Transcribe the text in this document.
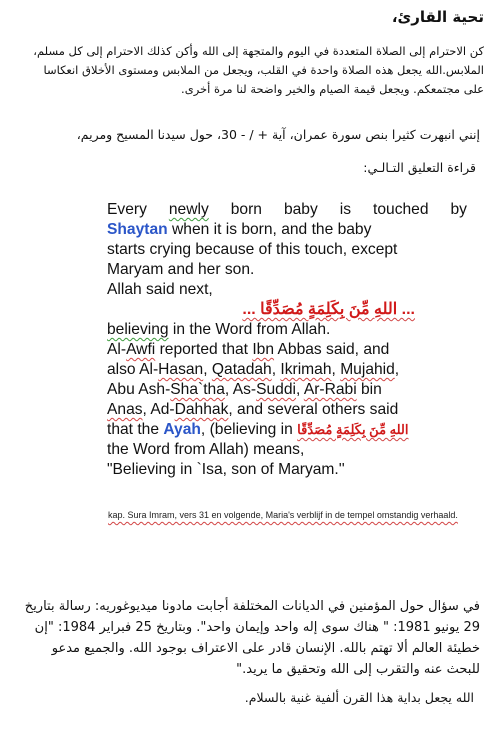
تحية القارئ،
كن الاحترام إلى الصلاة المتعددة في اليوم والمتجهة إلى الله وأكن كذلك الاحترام إلى كل مسلم، الملابس.الله يجعل هذه الصلاة واحدة في القلب، ويجعل من الملابس ومستوى الأخلاق انعكاسا على مجتمعكم. ويجعل قيمة الصيام والخير واضحة لنا مرة أخرى.
إنني انبهرت كثيرا بنص سورة عمران، آية + / - 30، حول سيدنا المسيح ومريم،
قراءة التعليق التـالـي:
Every newly born baby is touched by
Shaytan when it is born, and the baby
starts crying because of this touch, except
Maryam and her son.
Allah said next,
... اللهِ مِّنَ بِكَلِمَةٍ مُصَدِّقًا ...
believing in the Word from Allah.
Al-Awfi reported that Ibn Abbas said, and
also Al-Hasan, Qatadah, Ikrimah, Mujahid,
Abu Ash-Sha`tha, As-Suddi, Ar-Rabi bin
Anas, Ad-Dahhak, and several others said
that the Ayah, (believing in اللهِ مِّنَ بِكَلِمَةٍ مُصَدِّقًا
the Word from Allah) means,
"Believing in `Isa, son of Maryam.''
kap. Sura Imram, vers 31 en volgende, Maria's verblijf in de tempel omstandig verhaald.
في سؤال حول المؤمنين في الديانات المختلفة أجابت مادونا ميديوغوريه: رسالة بتاريخ 29 يونيو 1981: " هناك سوى إله واحد وإيمان واحد". وبتاريخ 25 فبراير 1984: "إن خطيئة العالم ألا تهتم بالله. الإنسان قادر على الاعتراف بوجود الله. والجميع مدعو للبحث عنه والتقرب إلى الله وتحقيق ما يريد."
الله يجعل بداية هذا القرن ألفية غنية بالسلام.
